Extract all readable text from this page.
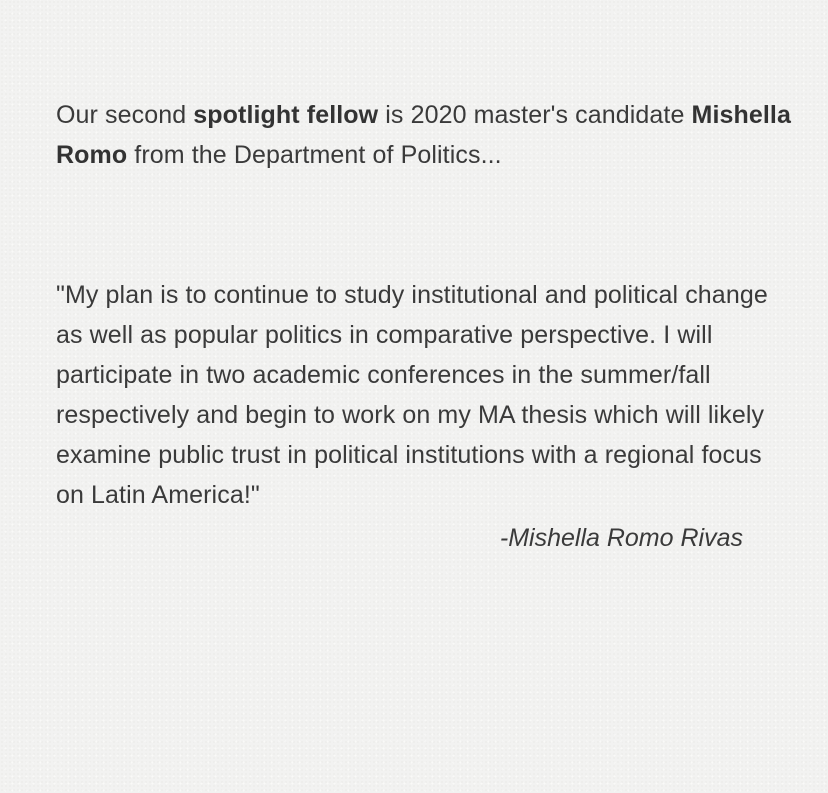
Our second spotlight fellow is 2020 master's candidate Mishella Romo from the Department of Politics...

"My plan is to continue to study institutional and political change as well as popular politics in comparative perspective. I will participate in two academic conferences in the summer/fall respectively and begin to work on my MA thesis which will likely examine public trust in political institutions with a regional focus on Latin America!"

-Mishella Romo Rivas
